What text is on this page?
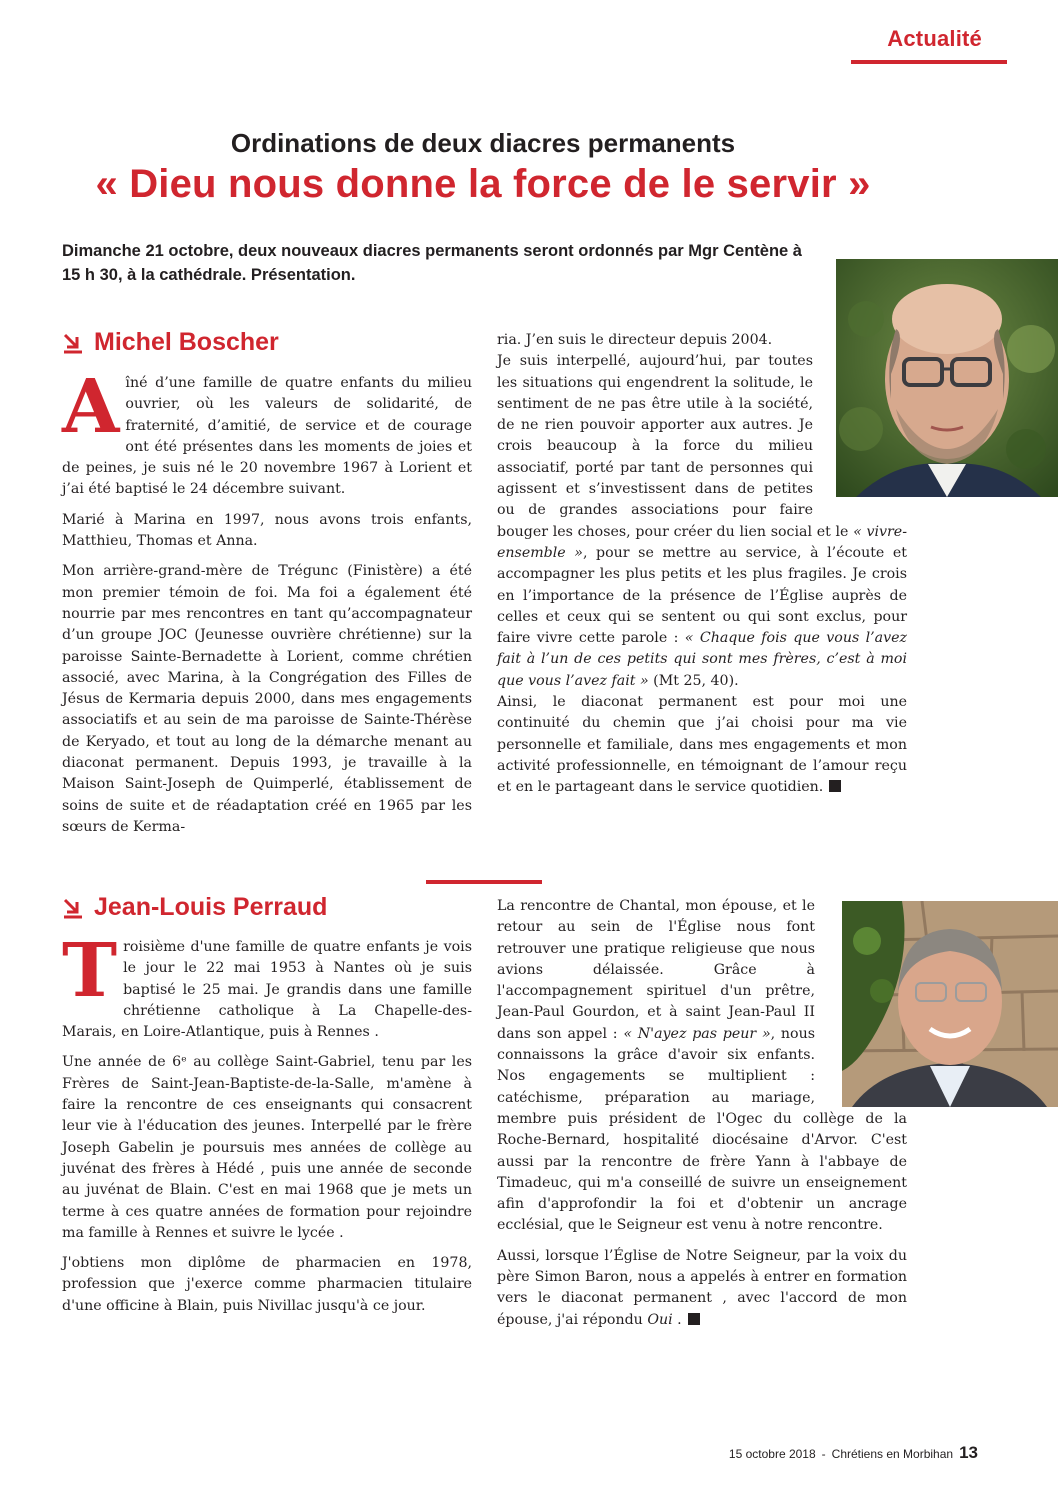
Actualité
Ordinations de deux diacres permanents
« Dieu nous donne la force de le servir »
Dimanche 21 octobre, deux nouveaux diacres permanents seront ordonnés par Mgr Centène à 15 h 30, à la cathédrale. Présentation.
Michel Boscher

A îné d’une famille de quatre enfants du milieu ouvrier, où les valeurs de solidarité, de fraternité, d’amitié, de service et de courage ont été présentes dans les moments de joies et de peines, je suis né le 20 novembre 1967 à Lorient et j’ai été baptisé le 24 décembre suivant.

Marié à Marina en 1997, nous avons trois enfants, Matthieu, Thomas et Anna.

Mon arrière-grand-mère de Trégunc (Finistère) a été mon premier témoin de foi. Ma foi a également été nourrie par mes rencontres en tant qu’accompagnateur d’un groupe JOC (Jeunesse ouvrière chrétienne) sur la paroisse Sainte-Bernadette à Lorient, comme chrétien associé, avec Marina, à la Congrégation des Filles de Jésus de Kermaria depuis 2000, dans mes engagements associatifs et au sein de ma paroisse de Sainte-Thérèse de Keryado, et tout au long de la démarche menant au diaconat permanent. Depuis 1993, je travaille à la Maison Saint-Joseph de Quimperlé, établissement de soins de suite et de réadaptation créé en 1965 par les sœurs de Kerma-

ria. J’en suis le directeur depuis 2004.

Je suis interpellé, aujourd’hui, par toutes les situations qui engendrent la solitude, le sentiment de ne pas être utile à la société, de ne rien pouvoir apporter aux autres. Je crois beaucoup à la force du milieu associatif, porté par tant de personnes qui agissent et s’investissent dans de petites ou de grandes associations pour faire bouger les choses, pour créer du lien social et le « vivre-ensemble », pour se mettre au service, à l’écoute et accompagner les plus petits et les plus fragiles. Je crois en l’importance de la présence de l’Église auprès de celles et ceux qui se sentent ou qui sont exclus, pour faire vivre cette parole : « Chaque fois que vous l’avez fait à l’un de ces petits qui sont mes frères, c’est à moi que vous l’avez fait » (Mt 25, 40).

Ainsi, le diaconat permanent est pour moi une continuité du chemin que j’ai choisi pour ma vie personnelle et familiale, dans mes engagements et mon activité professionnelle, en témoignant de l’amour reçu et en le partageant dans le service quotidien.

Jean-Louis Perraud

T roisième d'une famille de quatre enfants je vois le jour le 22 mai 1953 à Nantes où je suis baptisé le 25 mai. Je grandis dans une famille chrétienne catholique à La Chapelle-des-Marais, en Loire-Atlantique, puis à Rennes .

Une année de 6ᵉ au collège Saint-Gabriel, tenu par les Frères de Saint-Jean-Baptiste-de-la-Salle, m'amène à faire la rencontre de ces enseignants qui consacrent leur vie à l'éducation des jeunes. Interpellé par le frère Joseph Gabelin je poursuis mes années de collège au juvénat des frères à Hédé , puis une année de seconde au juvénat de Blain. C'est en mai 1968 que je mets un terme à ces quatre années de formation pour rejoindre ma famille à Rennes et suivre le lycée .

J'obtiens mon diplôme de pharmacien en 1978, profession que j'exerce comme pharmacien titulaire d'une officine à Blain, puis Nivillac jusqu'à ce jour.

La rencontre de Chantal, mon épouse, et le retour au sein de l'Église nous font retrouver une pratique religieuse que nous avions délaissée. Grâce à l'accompagnement spirituel d'un prêtre, Jean-Paul Gourdon, et à saint Jean-Paul II dans son appel : « N'ayez pas peur », nous connaissons la grâce d'avoir six enfants. Nos engagements se multiplient : catéchisme, préparation au mariage, membre puis président de l'Ogec du collège de la Roche-Bernard, hospitalité diocésaine d'Arvor. C'est aussi par la rencontre de frère Yann à l'abbaye de Timadeuc, qui m'a conseillé de suivre un enseignement afin d'approfondir la foi et d'obtenir un ancrage ecclésial, que le Seigneur est venu à notre rencontre.

Aussi, lorsque l’Église de Notre Seigneur, par la voix du père Simon Baron, nous a appelés à entrer en formation vers le diaconat permanent , avec l'accord de mon épouse, j'ai répondu Oui .

15 octobre 2018 - Chrétiens en Morbihan 13
